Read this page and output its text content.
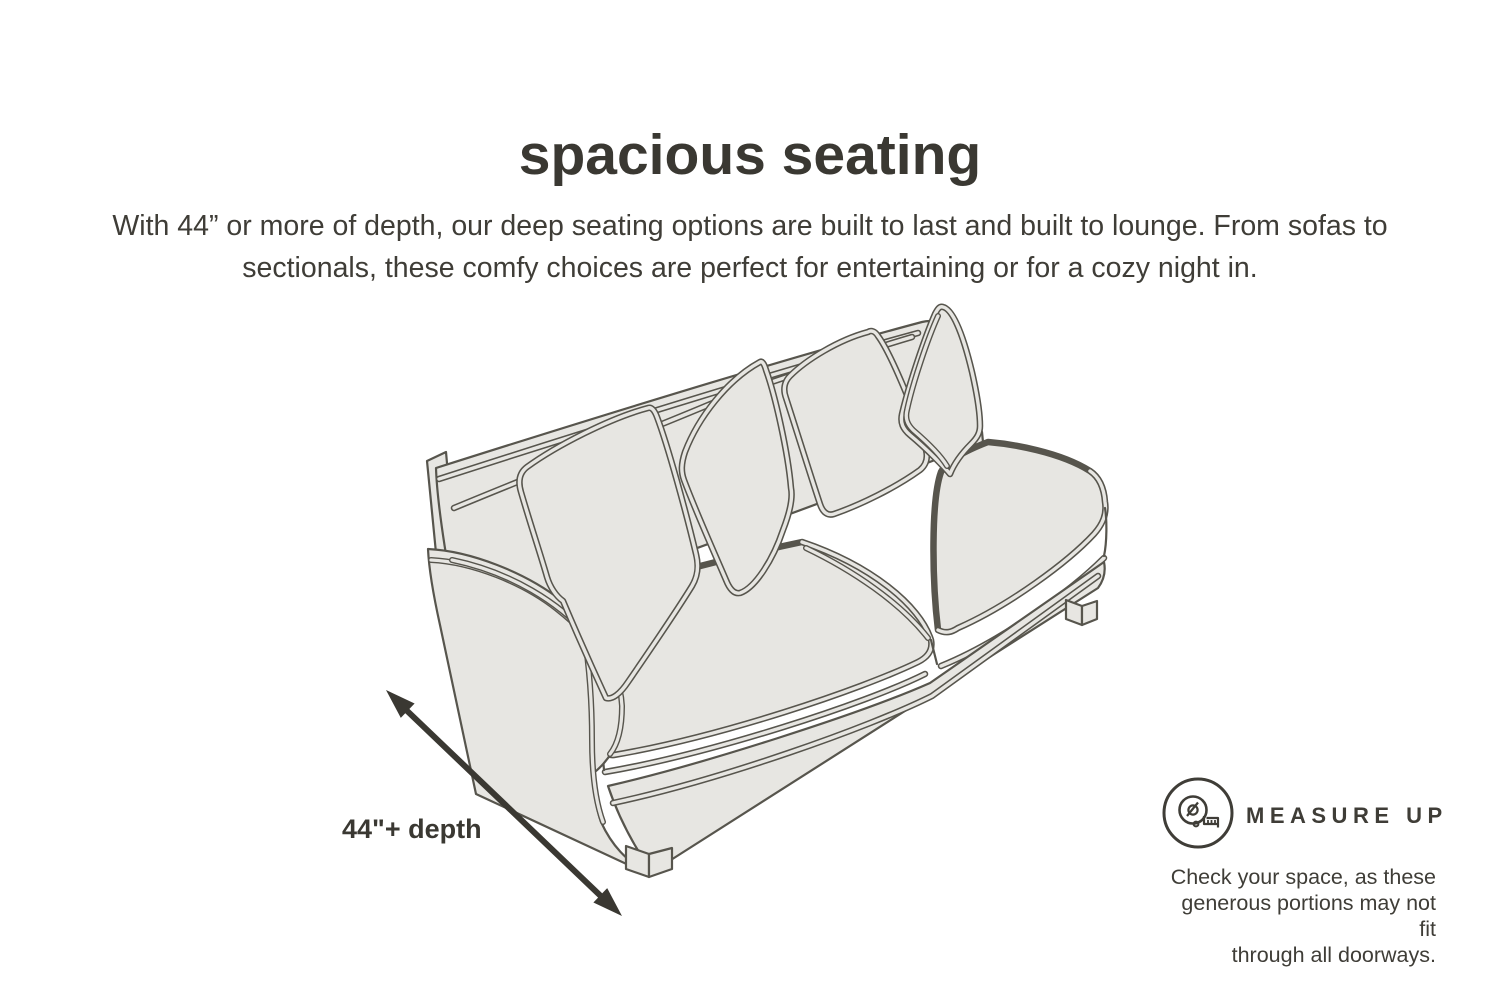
spacious seating

With 44” or more of depth, our deep seating options are built to last and built to lounge. From sofas to sectionals, these comfy choices are perfect for entertaining or for a cozy night in.

44"+ depth	MEASURE UP
Check your space, as these
generous portions may not fit
through all doorways.
